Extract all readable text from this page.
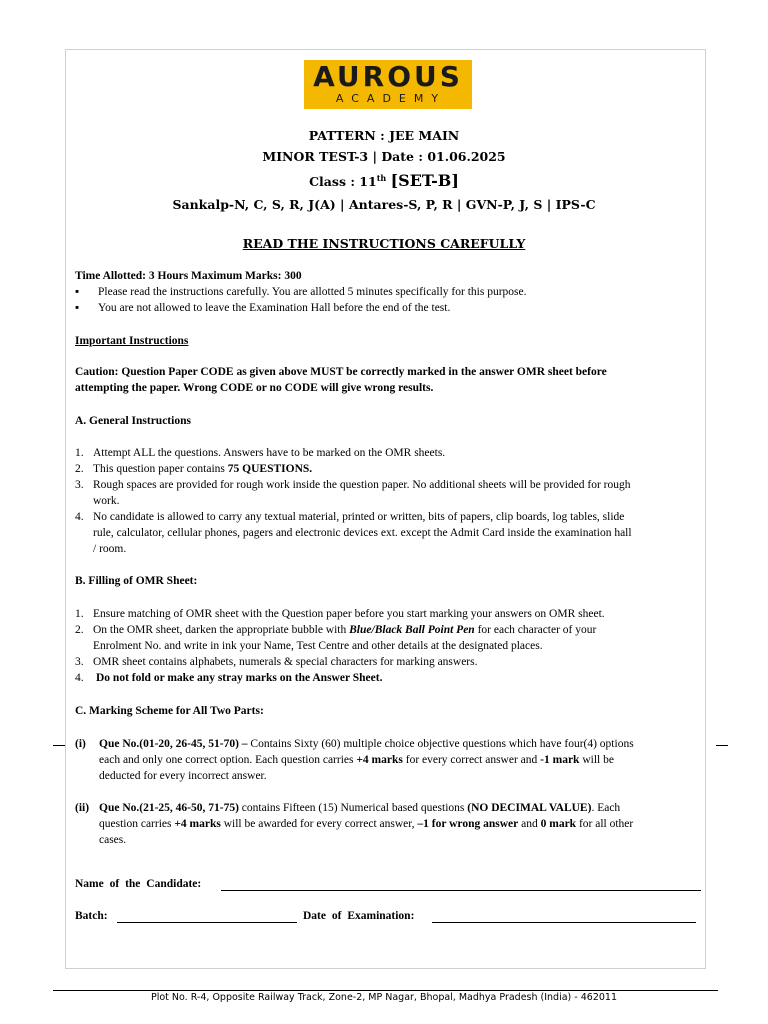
AUROUS
ACADEMY
PATTERN : JEE MAIN
MINOR TEST-3 | Date : 01.06.2025
Class : 11th [SET-B]
Sankalp-N, C, S, R, J(A) | Antares-S, P, R | GVN-P, J, S | IPS-C
READ THE INSTRUCTIONS CAREFULLY
Time Allotted: 3 Hours Maximum Marks: 300
▪ Please read the instructions carefully. You are allotted 5 minutes specifically for this purpose.
▪ You are not allowed to leave the Examination Hall before the end of the test.
Important Instructions
Caution: Question Paper CODE as given above MUST be correctly marked in the answer OMR sheet before
attempting the paper. Wrong CODE or no CODE will give wrong results.
A. General Instructions
1. Attempt ALL the questions. Answers have to be marked on the OMR sheets.
2. This question paper contains 75 QUESTIONS.
3. Rough spaces are provided for rough work inside the question paper. No additional sheets will be provided for rough
work.
4. No candidate is allowed to carry any textual material, printed or written, bits of papers, clip boards, log tables, slide
rule, calculator, cellular phones, pagers and electronic devices ext. except the Admit Card inside the examination hall
/ room.
B. Filling of OMR Sheet:
1. Ensure matching of OMR sheet with the Question paper before you start marking your answers on OMR sheet.
2. On the OMR sheet, darken the appropriate bubble with Blue/Black Ball Point Pen for each character of your
Enrolment No. and write in ink your Name, Test Centre and other details at the designated places.
3. OMR sheet contains alphabets, numerals & special characters for marking answers.
4. Do not fold or make any stray marks on the Answer Sheet.
C. Marking Scheme for All Two Parts:
(i) Que No.(01-20, 26-45, 51-70) – Contains Sixty (60) multiple choice objective questions which have four(4) options
each and only one correct option. Each question carries +4 marks for every correct answer and -1 mark will be
deducted for every incorrect answer.
(ii) Que No.(21-25, 46-50, 71-75) contains Fifteen (15) Numerical based questions (NO DECIMAL VALUE). Each
question carries +4 marks will be awarded for every correct answer, –1 for wrong answer and 0 mark for all other
cases.
Name of the Candidate:
Batch:	Date of Examination:
Plot No. R-4, Opposite Railway Track, Zone-2, MP Nagar, Bhopal, Madhya Pradesh (India) - 462011
